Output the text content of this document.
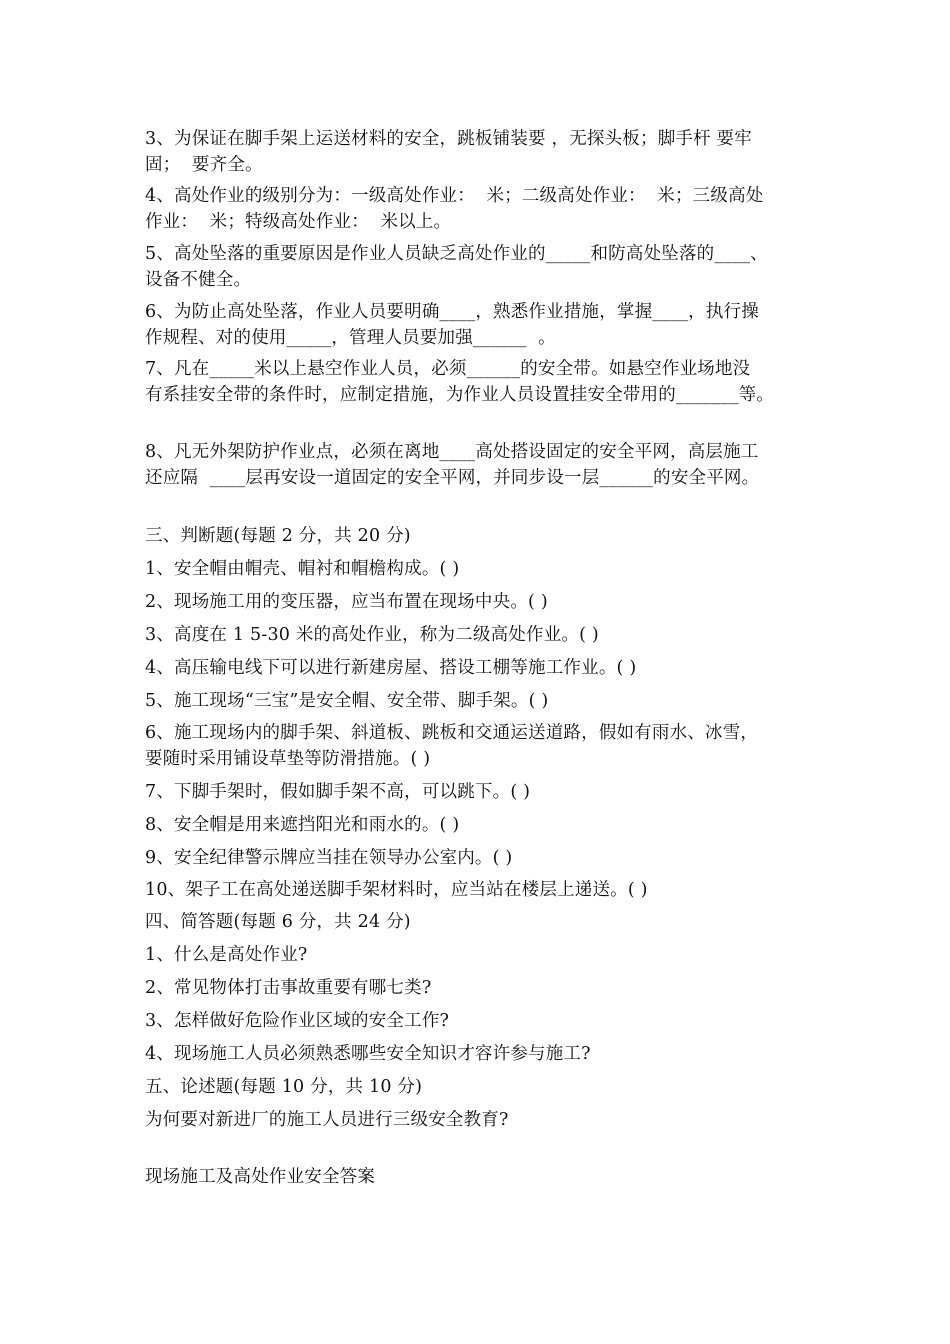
3、为保证在脚手架上运送材料的安全，跳板铺装要 ，无探头板；脚手杆 要牢
固；  要齐全。
4、高处作业的级别分为：一级高处作业：  米；二级高处作业：  米；三级高处
作业：  米；特级高处作业：  米以上。
5、高处坠落的重要原因是作业人员缺乏高处作业的_____和防高处坠落的____、
设备不健全。
6、为防止高处坠落，作业人员要明确____，熟悉作业措施，掌握____，执行操
作规程、对的使用_____，管理人员要加强______  。
7、凡在_____米以上悬空作业人员，必须______的安全带。如悬空作业场地没
有系挂安全带的条件时，应制定措施，为作业人员设置挂安全带用的_______等。
8、凡无外架防护作业点，必须在离地____高处搭设固定的安全平网，高层施工
还应隔  ____层再安设一道固定的安全平网，并同步设一层______的安全平网。
三、判断题(每题 2 分，共 20 分)
1、安全帽由帽壳、帽衬和帽檐构成。( )
2、现场施工用的变压器，应当布置在现场中央。( )
3、高度在 1 5-30 米的高处作业，称为二级高处作业。( )
4、高压输电线下可以进行新建房屋、搭设工棚等施工作业。( )
5、施工现场“三宝”是安全帽、安全带、脚手架。( )
6、施工现场内的脚手架、斜道板、跳板和交通运送道路，假如有雨水、冰雪，
要随时采用铺设草垫等防滑措施。( )
7、下脚手架时，假如脚手架不高，可以跳下。( )
8、安全帽是用来遮挡阳光和雨水的。( )
9、安全纪律警示牌应当挂在领导办公室内。( )
10、架子工在高处递送脚手架材料时，应当站在楼层上递送。( )
四、简答题(每题 6 分，共 24 分)
1、什么是高处作业?
2、常见物体打击事故重要有哪七类?
3、怎样做好危险作业区域的安全工作?
4、现场施工人员必须熟悉哪些安全知识才容许参与施工?
五、论述题(每题 10 分，共 10 分)
为何要对新进厂的施工人员进行三级安全教育?
现场施工及高处作业安全答案
